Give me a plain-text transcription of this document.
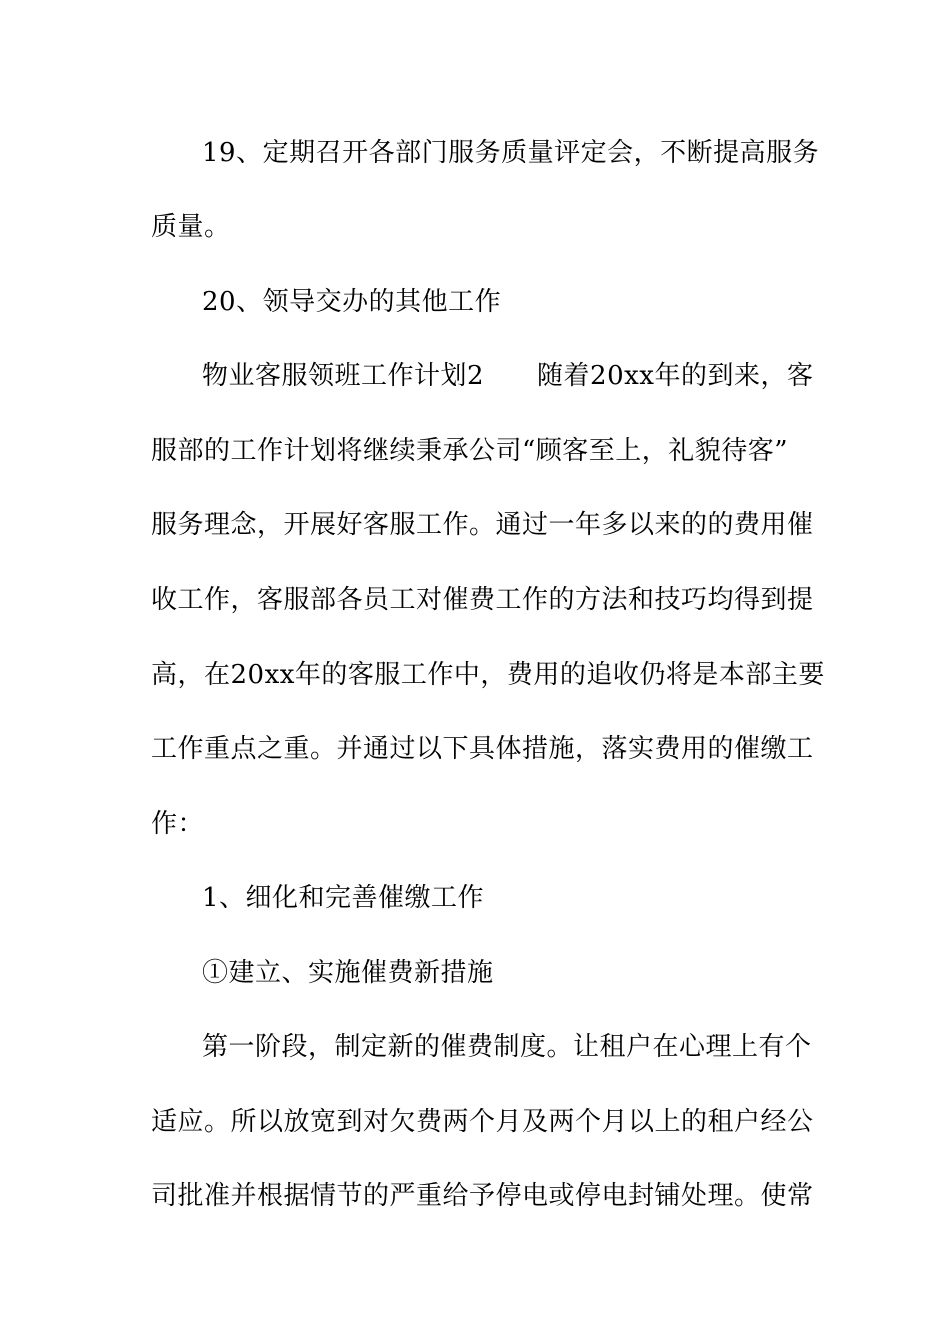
19、定期召开各部门服务质量评定会，不断提高服务
质量。
20、领导交办的其他工作
物业客服领班工作计划2　　随着20xx年的到来，客
服部的工作计划将继续秉承公司“顾客至上，礼貌待客”
服务理念，开展好客服工作。通过一年多以来的的费用催
收工作，客服部各员工对催费工作的方法和技巧均得到提
高，在20xx年的客服工作中，费用的追收仍将是本部主要
工作重点之重。并通过以下具体措施，落实费用的催缴工
作：
1、细化和完善催缴工作
①建立、实施催费新措施
第一阶段，制定新的催费制度。让租户在心理上有个
适应。所以放宽到对欠费两个月及两个月以上的租户经公
司批准并根据情节的严重给予停电或停电封铺处理。使常
